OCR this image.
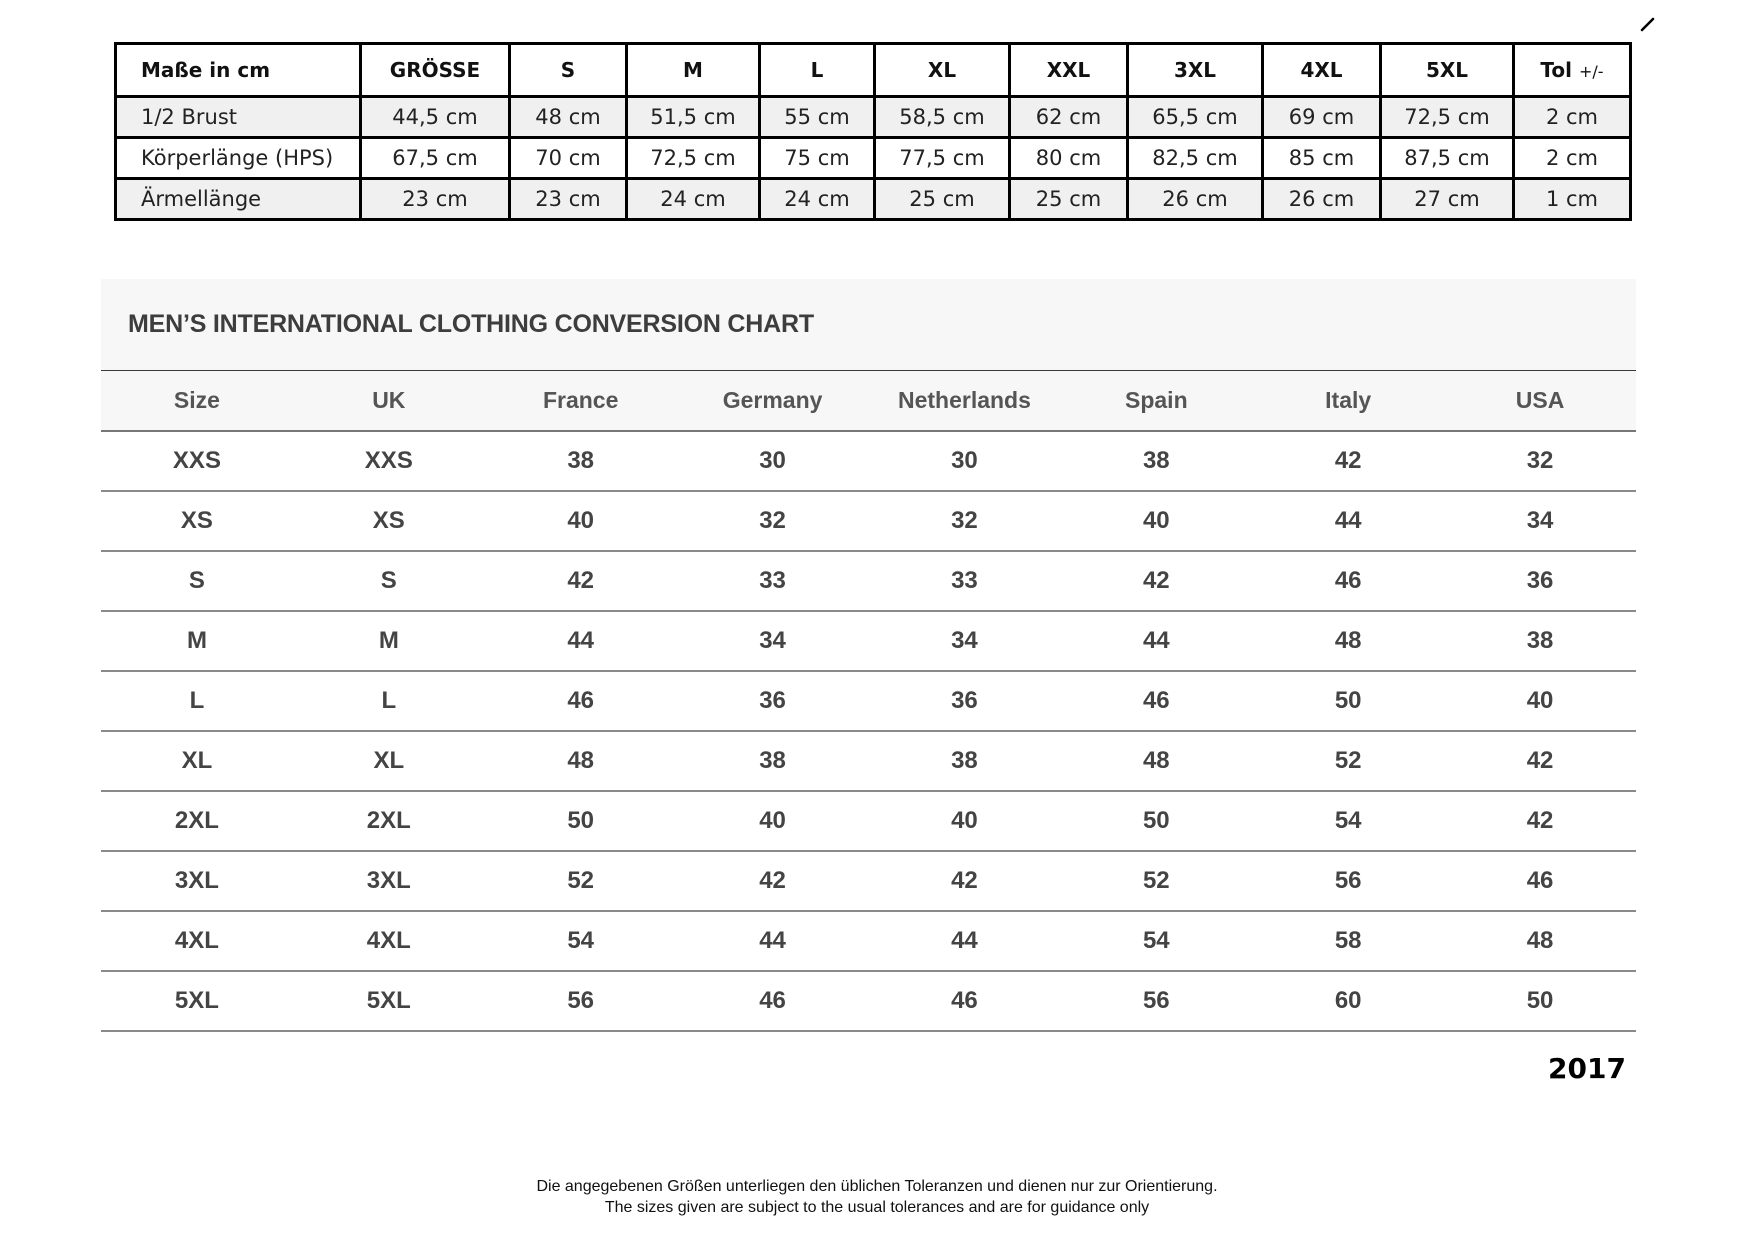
Maße in cm	GRÖSSE	S	M	L	XL	XXL	3XL	4XL	5XL	Tol +/-
1/2 Brust	44,5 cm	48 cm	51,5 cm	55 cm	58,5 cm	62 cm	65,5 cm	69 cm	72,5 cm	2 cm
Körperlänge (HPS)	67,5 cm	70 cm	72,5 cm	75 cm	77,5 cm	80 cm	82,5 cm	85 cm	87,5 cm	2 cm
Ärmellänge	23 cm	23 cm	24 cm	24 cm	25 cm	25 cm	26 cm	26 cm	27 cm	1 cm
MEN’S INTERNATIONAL CLOTHING CONVERSION CHART
Size	UK	France	Germany	Netherlands	Spain	Italy	USA
XXS	XXS	38	30	30	38	42	32
XS	XS	40	32	32	40	44	34
S	S	42	33	33	42	46	36
M	M	44	34	34	44	48	38
L	L	46	36	36	46	50	40
XL	XL	48	38	38	48	52	42
2XL	2XL	50	40	40	50	54	42
3XL	3XL	52	42	42	52	56	46
4XL	4XL	54	44	44	54	58	48
5XL	5XL	56	46	46	56	60	50
2017
Die angegebenen Größen unterliegen den üblichen Toleranzen und dienen nur zur Orientierung.
The sizes given are subject to the usual tolerances and are for guidance only
